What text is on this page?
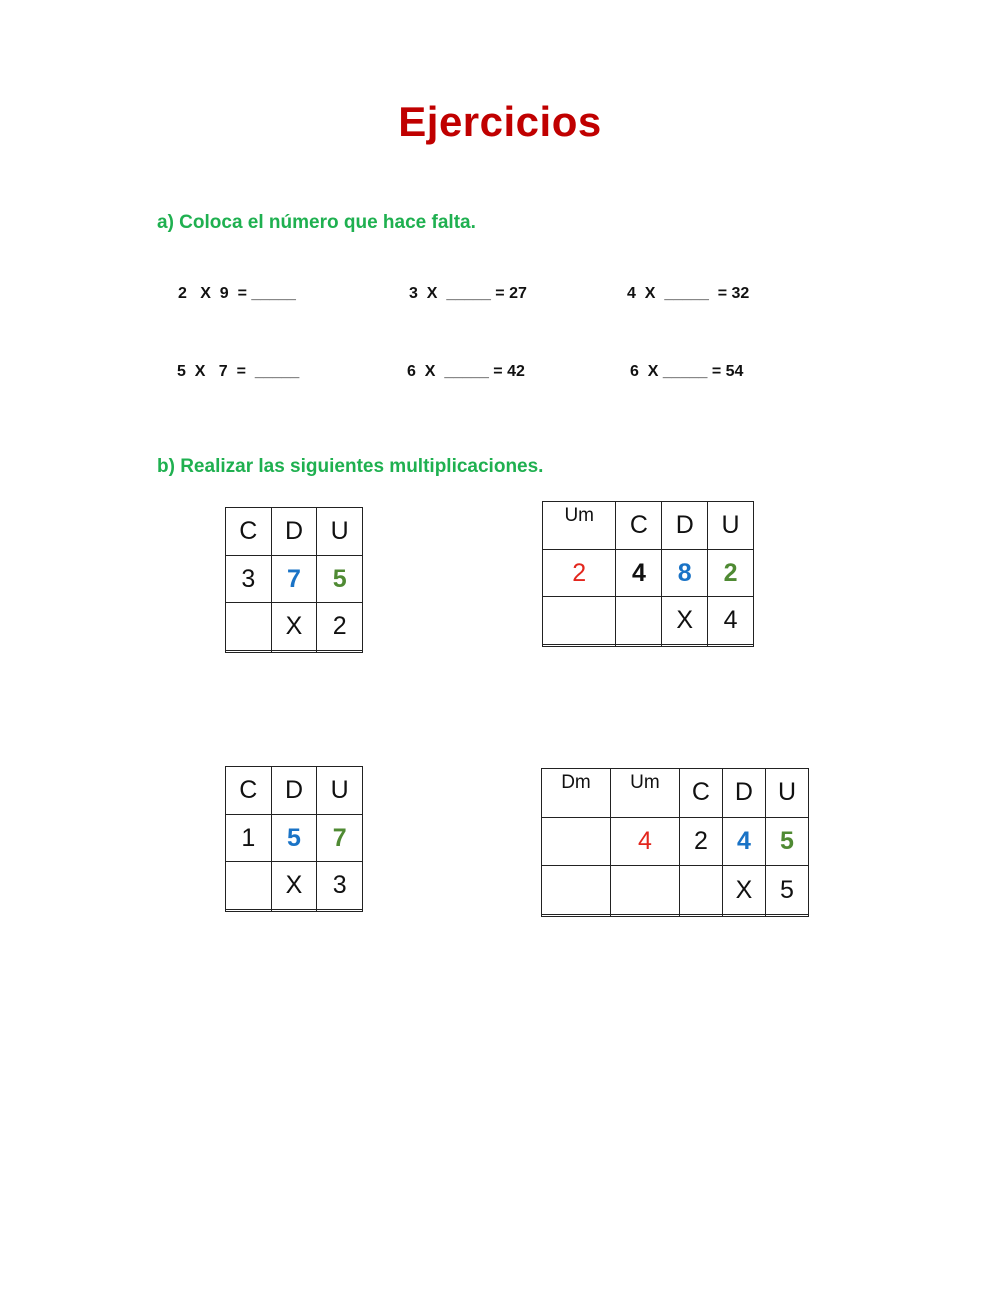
Ejercicios
a) Coloca el número que hace falta.
2   X  9  = _____	3  X  _____ = 27	4  X  _____  = 32
5  X   7  =  _____	6  X  _____ = 42	6  X _____ = 54
b) Realizar las siguientes multiplicaciones.
C	D	U
3	7	5
	X	2

Um	C	D	U
2	4	8	2
		X	4

C	D	U
1	5	7
	X	3

Dm	Um	C	D	U
	4	2	4	5
			X	5
